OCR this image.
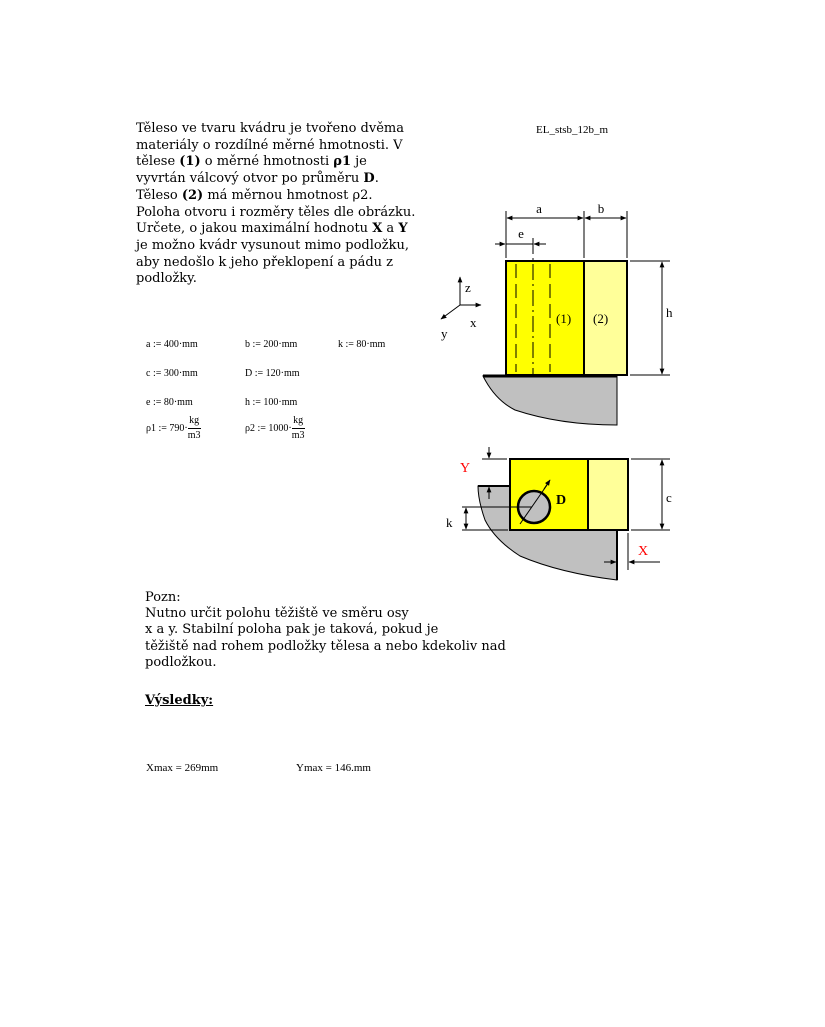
EL_stsb_12b_m
Těleso ve tvaru kvádru je tvořeno dvěma materiály o rozdílné měrné hmotnosti. V tělese (1) o měrné hmotnosti ρ1 je vyvrtán válcový otvor po průměru D. Těleso (2) má měrnou hmotnost ρ2. Poloha otvoru i rozměry těles dle obrázku. Určete, o jakou maximální hodnotu X a Y je možno kvádr vysunout mimo podložku, aby nedošlo k jeho překlopení a pádu z podložky.
a := 400·mm	b := 200·mm	k := 80·mm
c := 300·mm	D := 120·mm
e := 80·mm	h := 100·mm
ρ1 := $790\cdot \frac{kg}{m3}$	ρ2 := $1000\cdot \frac{kg}{m3}$
a	b
e
h
(1) (2)
z
x
y
D
Y
k
c
X
Pozn:
Nutno určit polohu těžiště ve směru osy
x a y. Stabilní poloha pak je taková, pokud je
těžiště nad rohem podložky tělesa a nebo kdekoliv nad
podložkou.
Výsledky:
Xmax = 269mm	Ymax = 146.mm
